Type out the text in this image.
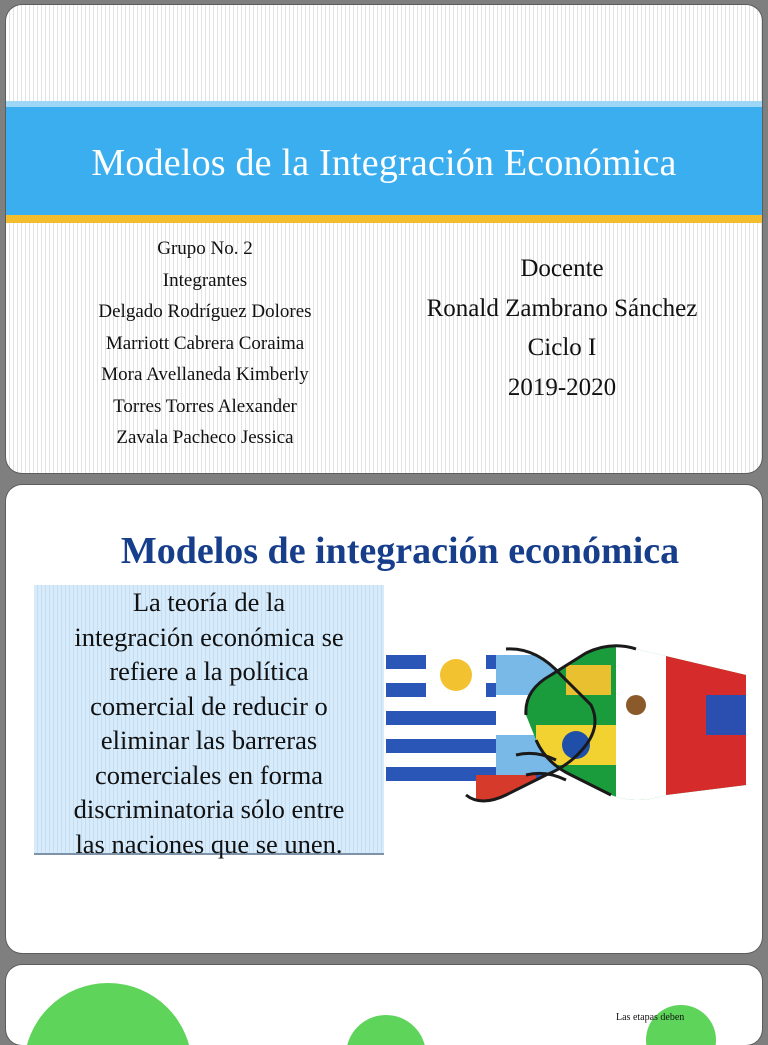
Modelos de la Integración Económica
Grupo No. 2
Integrantes
Delgado Rodríguez Dolores
Marriott Cabrera Coraima
Mora Avellaneda Kimberly
Torres Torres Alexander
Zavala Pacheco Jessica
Docente
Ronald Zambrano Sánchez
Ciclo I
2019-2020
Modelos de integración económica
La teoría de la
integración económica se
refiere a la política
comercial de reducir o
eliminar las barreras
comerciales en forma
discriminatoria sólo entre
las naciones que se unen.
Las etapas deben
